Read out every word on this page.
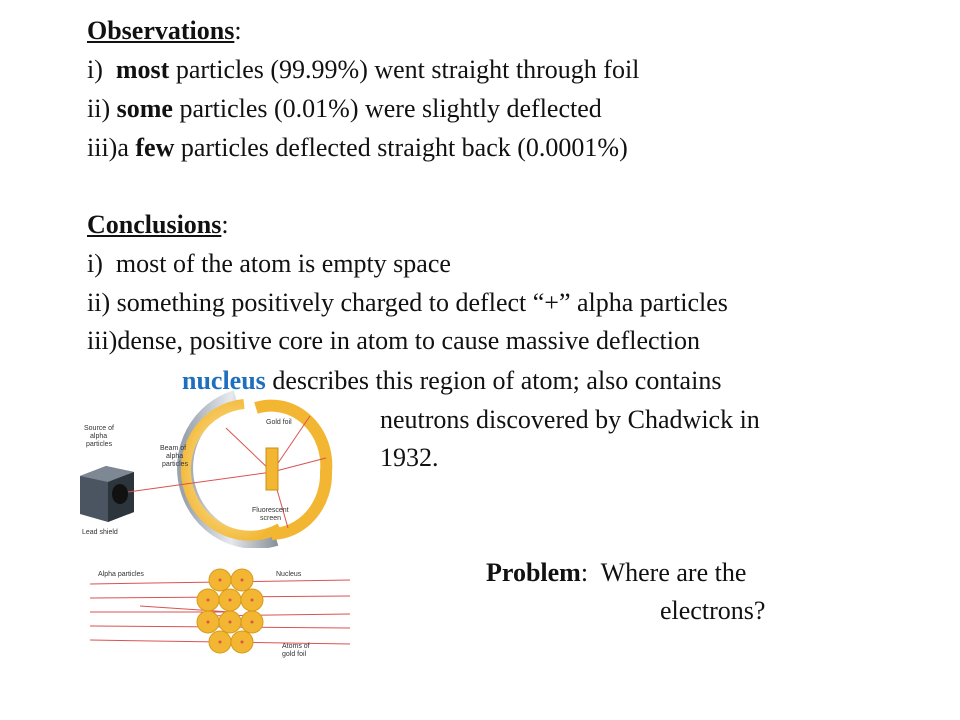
Observations:
i)  most particles (99.99%) went straight through foil
ii) some particles (0.01%) were slightly deflected
iii)a few particles deflected straight back (0.0001%)
Conclusions:
i)  most of the atom is empty space
ii) something positively charged to deflect “+” alpha particles
iii)dense, positive core in atom to cause massive deflection
nucleus describes this region of atom; also contains
neutrons discovered by Chadwick in
1932.
Problem:  Where are the
electrons?
Source of
alpha
particles
Beam of
alpha
particles
Gold foil
Fluorescent
screen
Lead shield
Alpha particles	Nucleus
Atoms of
gold foil
